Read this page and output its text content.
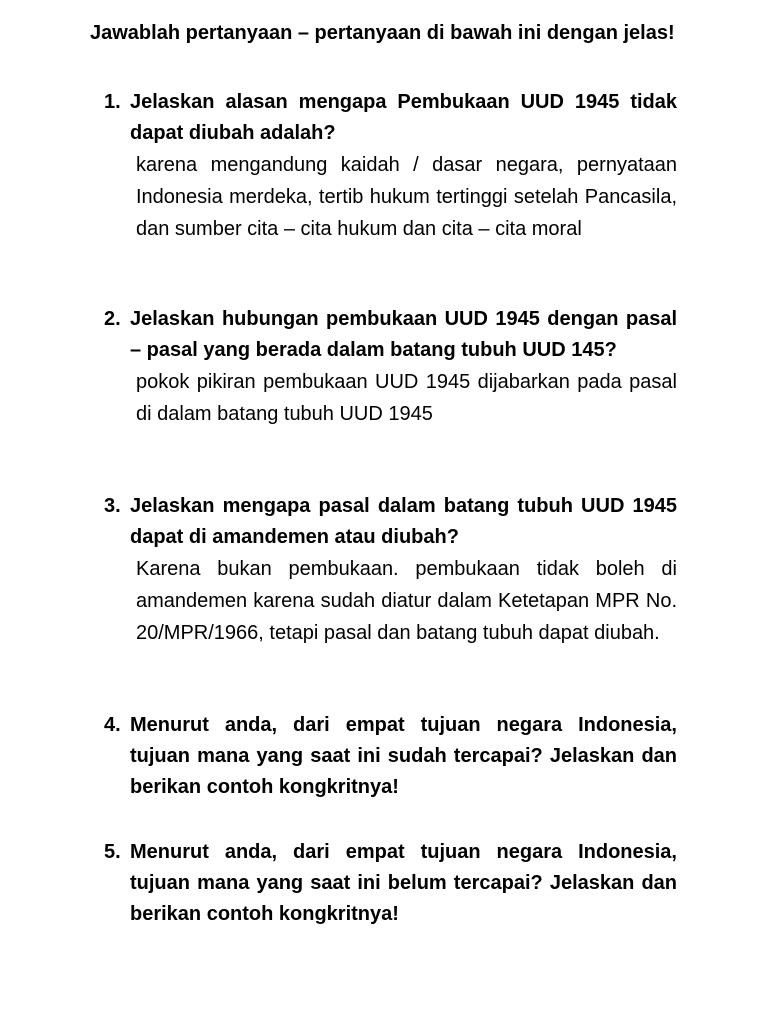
Jawablah pertanyaan – pertanyaan di bawah ini dengan jelas!

1. Jelaskan alasan mengapa Pembukaan UUD 1945 tidak dapat diubah adalah?

karena mengandung kaidah / dasar negara, pernyataan Indonesia merdeka, tertib hukum tertinggi setelah Pancasila, dan sumber cita – cita hukum dan cita – cita moral

2. Jelaskan hubungan pembukaan UUD 1945 dengan pasal – pasal yang berada dalam batang tubuh UUD 145?

pokok pikiran pembukaan UUD 1945 dijabarkan pada pasal di dalam batang tubuh UUD 1945

3. Jelaskan mengapa pasal dalam batang tubuh UUD 1945 dapat di amandemen atau diubah?

Karena bukan pembukaan. pembukaan tidak boleh di amandemen karena sudah diatur dalam Ketetapan MPR No. 20/MPR/1966, tetapi pasal dan batang tubuh dapat diubah.

4. Menurut anda, dari empat tujuan negara Indonesia, tujuan mana yang saat ini sudah tercapai? Jelaskan dan berikan contoh kongkritnya!
5. Menurut anda, dari empat tujuan negara Indonesia, tujuan mana yang saat ini belum tercapai? Jelaskan dan berikan contoh kongkritnya!
